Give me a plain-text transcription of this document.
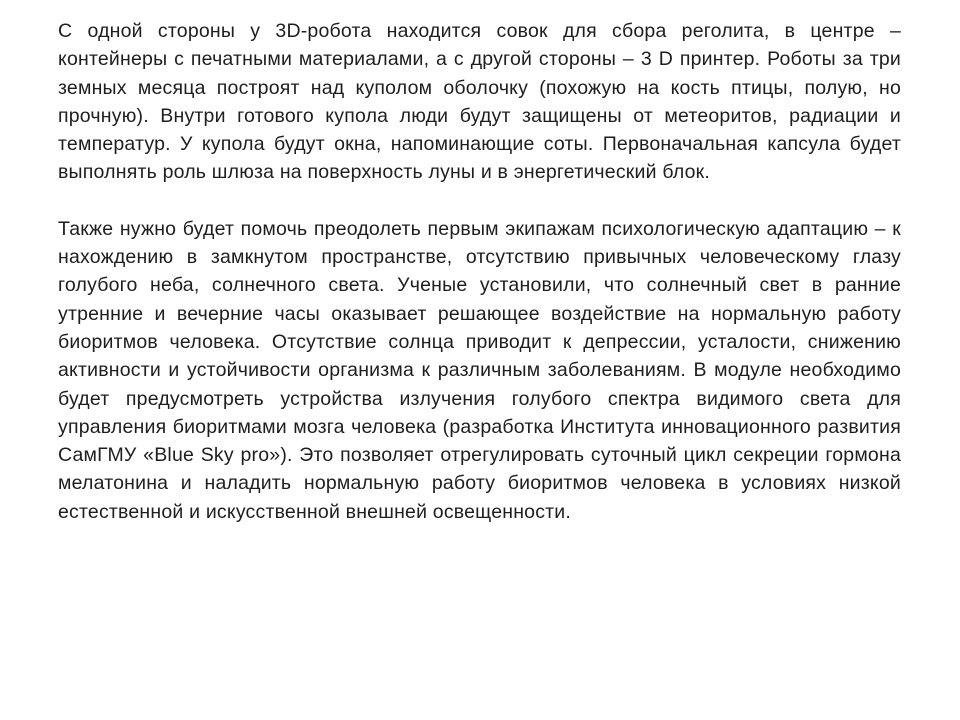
С одной стороны у 3D-робота находится совок для сбора реголита, в центре – контейнеры с печатными материалами, а с другой стороны – 3 D принтер. Роботы за три земных месяца построят над куполом оболочку (похожую на кость птицы, полую, но прочную). Внутри готового купола люди будут защищены от метеоритов, радиации и температур. У купола будут окна, напоминающие соты. Первоначальная капсула будет выполнять роль шлюза на поверхность луны и в энергетический блок.

Также нужно будет помочь преодолеть первым экипажам психологическую адаптацию – к нахождению в замкнутом пространстве, отсутствию привычных человеческому глазу голубого неба, солнечного света. Ученые установили, что солнечный свет в ранние утренние и вечерние часы оказывает решающее воздействие на нормальную работу биоритмов человека. Отсутствие солнца приводит к депрессии, усталости, снижению активности и устойчивости организма к различным заболеваниям. В модуле необходимо будет предусмотреть устройства излучения голубого спектра видимого света для управления биоритмами мозга человека (разработка Института инновационного развития СамГМУ «Blue Sky pro»). Это позволяет отрегулировать суточный цикл секреции гормона мелатонина и наладить нормальную работу биоритмов человека в условиях низкой естественной и искусственной внешней освещенности.
